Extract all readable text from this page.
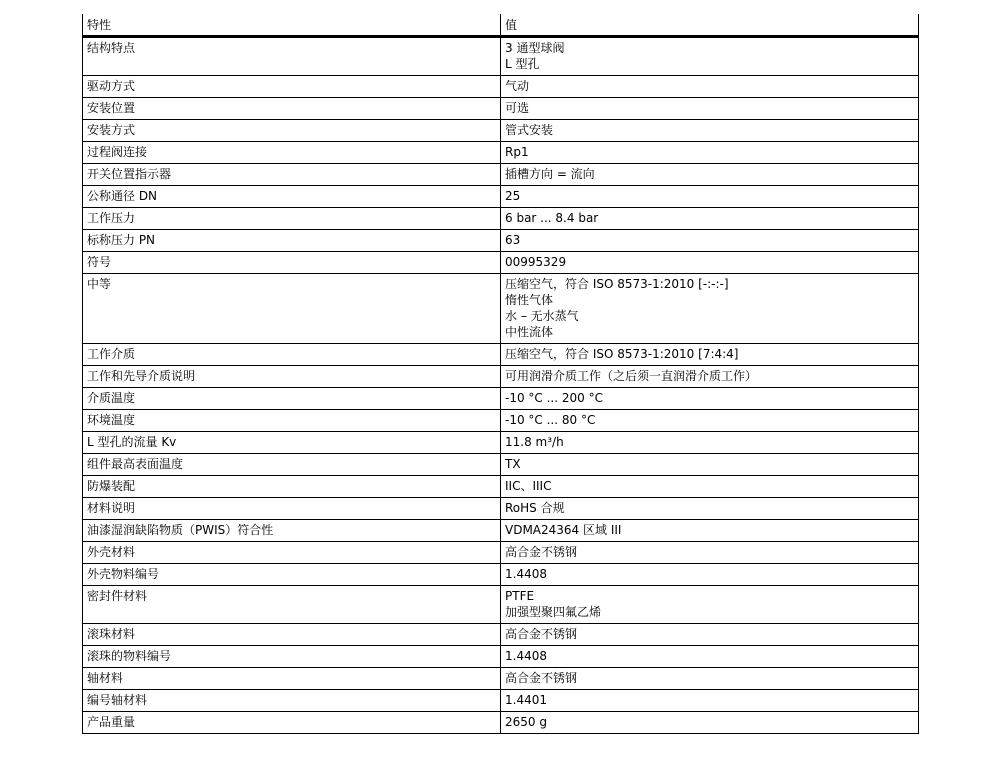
特性	值
结构特点	3 通型球阀
L 型孔

驱动方式	气动

安装位置	可选

安装方式	管式安装

过程阀连接	Rp1

开关位置指示器	插槽方向 = 流向

公称通径 DN	25

工作压力	6 bar ... 8.4 bar

标称压力 PN	63

符号	00995329

中等	压缩空气，符合 ISO 8573-1:2010 [-:-:-]
惰性气体
水 – 无水蒸气
中性流体

工作介质	压缩空气，符合 ISO 8573-1:2010 [7:4:4]

工作和先导介质说明	可用润滑介质工作（之后须一直润滑介质工作）

介质温度	-10 °C ... 200 °C

环境温度	-10 °C ... 80 °C

L 型孔的流量 Kv	11.8 m³/h

组件最高表面温度	TX

防爆装配	IIC、IIIC

材料说明	RoHS 合规

油漆湿润缺陷物质（PWIS）符合性	VDMA24364 区域 III

外壳材料	高合金不锈钢

外壳物料编号	1.4408

密封件材料	PTFE
加强型聚四氟乙烯

滚珠材料	高合金不锈钢

滚珠的物料编号	1.4408

轴材料	高合金不锈钢

编号轴材料	1.4401

产品重量	2650 g
